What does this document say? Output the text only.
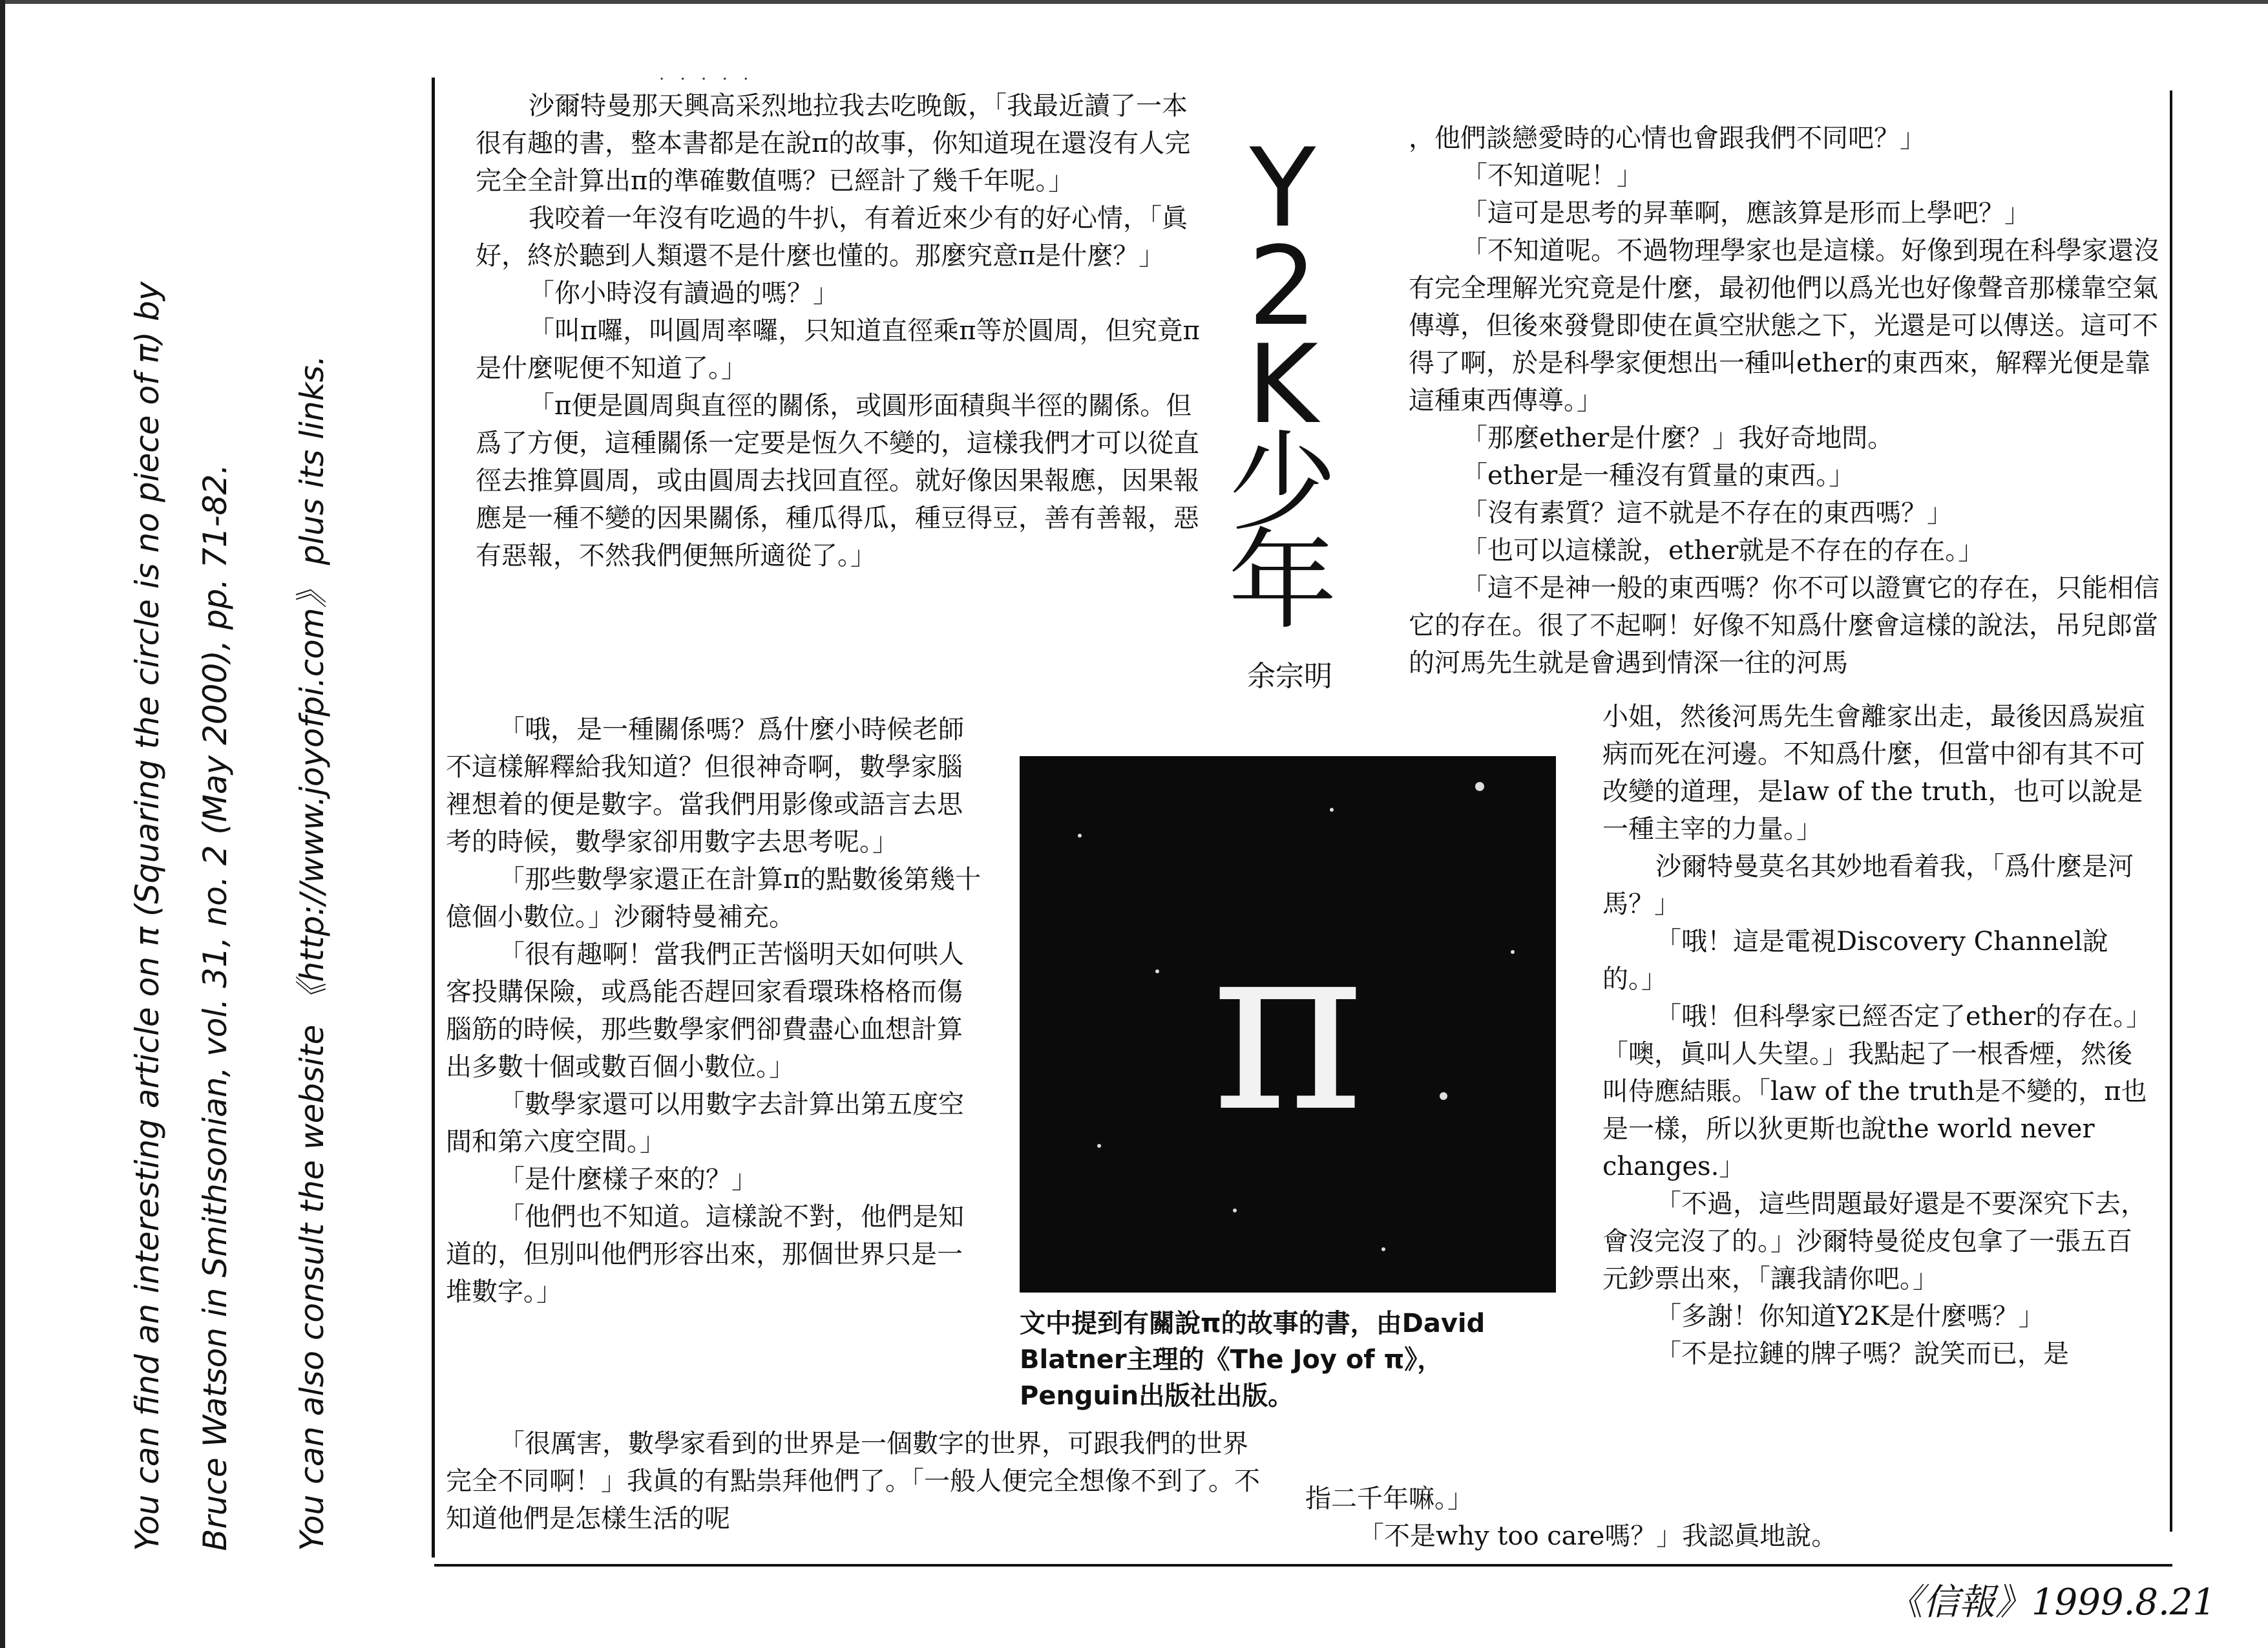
You can find an interesting article on π (Squaring the circle is no piece of π) by Bruce Watson in Smithsonian, vol. 31, no. 2 (May 2000), pp. 71-82. You can also consult the website 《http://www.joyofpi.com》 plus its links.
· · · · ·

沙爾特曼那天興高采烈地拉我去吃晚飯，「我最近讀了一本很有趣的書，整本書都是在說π的故事，你知道現在還沒有人完完全全計算出π的準確數值嗎？已經計了幾千年呢。」

我咬着一年沒有吃過的牛扒，有着近來少有的好心情，「眞好，終於聽到人類還不是什麼也懂的。那麼究意π是什麼？」

「你小時沒有讀過的嗎？」

「叫π囉，叫圓周率囉，只知道直徑乘π等於圓周，但究竟π是什麼呢便不知道了。」

「π便是圓周與直徑的關係，或圓形面積與半徑的關係。但爲了方便，這種關係一定要是恆久不變的，這樣我們才可以從直徑去推算圓周，或由圓周去找回直徑。就好像因果報應，因果報應是一種不變的因果關係，種瓜得瓜，種豆得豆，善有善報，惡有惡報，不然我們便無所適從了。」

Y
2
K
少
年
余宗明

「哦，是一種關係嗎？爲什麼小時候老師不這樣解釋給我知道？但很神奇啊，數學家腦裡想着的便是數字。當我們用影像或語言去思考的時候，數學家卻用數字去思考呢。」

「那些數學家還正在計算π的點數後第幾十億個小數位。」沙爾特曼補充。

「很有趣啊！當我們正苦惱明天如何哄人客投購保險，或爲能否趕回家看環珠格格而傷腦筋的時候，那些數學家們卻費盡心血想計算出多數十個或數百個小數位。」

「數學家還可以用數字去計算出第五度空間和第六度空間。」

「是什麼樣子來的？」

「他們也不知道。這樣說不對，他們是知道的，但別叫他們形容出來，那個世界只是一堆數字。」

「很厲害，數學家看到的世界是一個數字的世界，可跟我們的世界完全不同啊！」我眞的有點祟拜他們了。「一般人便完全想像不到了。不知道他們是怎樣生活的呢

π
文中提到有關說π的故事的書，由David Blatner主理的《The Joy of π》，Penguin出版社出版。

，他們談戀愛時的心情也會跟我們不同吧？」

「不知道呢！」

「這可是思考的昇華啊，應該算是形而上學吧？」

「不知道呢。不過物理學家也是這樣。好像到現在科學家還沒有完全理解光究竟是什麼，最初他們以爲光也好像聲音那樣靠空氣傳導，但後來發覺即使在眞空狀態之下，光還是可以傳送。這可不得了啊，於是科學家便想出一種叫ether的東西來，解釋光便是靠這種東西傳導。」

「那麼ether是什麼？」我好奇地問。

「ether是一種沒有質量的東西。」

「沒有素質？這不就是不存在的東西嗎？」

「也可以這樣說，ether就是不存在的存在。」

「這不是神一般的東西嗎？你不可以證實它的存在，只能相信它的存在。很了不起啊！好像不知爲什麼會這樣的說法，吊兒郎當的河馬先生就是會遇到情深一往的河馬

小姐，然後河馬先生會離家出走，最後因爲炭疽病而死在河邊。不知爲什麼，但當中卻有其不可改變的道理，是law of the truth，也可以說是一種主宰的力量。」

沙爾特曼莫名其妙地看着我，「爲什麼是河馬？」

「哦！這是電視Discovery Channel說的。」

「哦！但科學家已經否定了ether的存在。」

「噢，眞叫人失望。」我點起了一根香煙，然後叫侍應結賬。「law of the truth是不變的，π也是一樣，所以狄更斯也說the world never changes.」

「不過，這些問題最好還是不要深究下去，會沒完沒了的。」沙爾特曼從皮包拿了一張五百元鈔票出來，「讓我請你吧。」

「多謝！你知道Y2K是什麼嗎？」

「不是拉鏈的牌子嗎？說笑而已，是

指二千年嘛。」

「不是why too care嗎？」我認眞地說。

《信報》1999.8.21
